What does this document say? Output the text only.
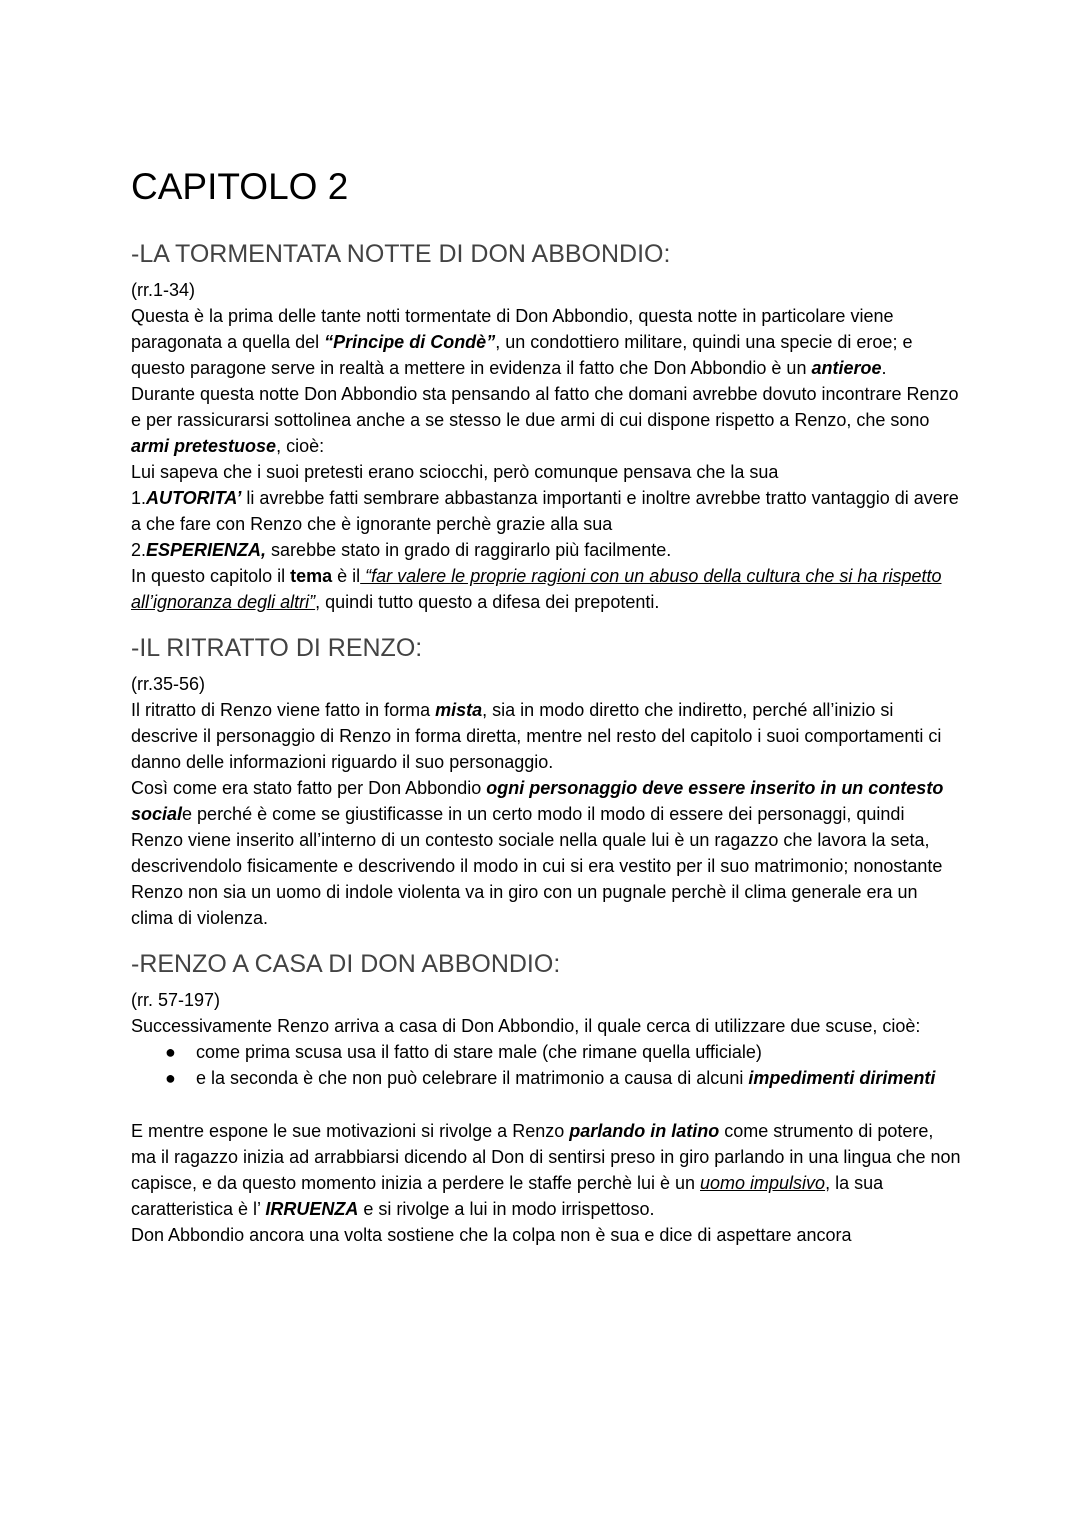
CAPITOLO 2
-LA TORMENTATA NOTTE DI DON ABBONDIO:

(rr.1-34)

Questa è la prima delle tante notti tormentate di Don Abbondio, questa notte in particolare viene paragonata a quella del “Principe di Condè”, un condottiero militare, quindi una specie di eroe; e questo paragone serve in realtà a mettere in evidenza il fatto che Don Abbondio è un antieroe.

Durante questa notte Don Abbondio sta pensando al fatto che domani avrebbe dovuto incontrare Renzo e per rassicurarsi sottolinea anche a se stesso le due armi di cui dispone rispetto a Renzo, che sono armi pretestuose, cioè:

Lui sapeva che i suoi pretesti erano sciocchi, però comunque pensava che la sua

1.AUTORITA’ li avrebbe fatti sembrare abbastanza importanti e inoltre avrebbe tratto vantaggio di avere a che fare con Renzo che è ignorante perchè grazie alla sua

2.ESPERIENZA, sarebbe stato in grado di raggirarlo più facilmente.

In questo capitolo il tema è il “far valere le proprie ragioni con un abuso della cultura che si ha rispetto all’ignoranza degli altri”, quindi tutto questo a difesa dei prepotenti.

-IL RITRATTO DI RENZO:

(rr.35-56)

Il ritratto di Renzo viene fatto in forma mista, sia in modo diretto che indiretto, perché all’inizio si descrive il personaggio di Renzo in forma diretta, mentre nel resto del capitolo i suoi comportamenti ci danno delle informazioni riguardo il suo personaggio.

Così come era stato fatto per Don Abbondio ogni personaggio deve essere inserito in un contesto sociale perché è come se giustificasse in un certo modo il modo di essere dei personaggi, quindi Renzo viene inserito all’interno di un contesto sociale nella quale lui è un ragazzo che lavora la seta, descrivendolo fisicamente e descrivendo il modo in cui si era vestito per il suo matrimonio; nonostante Renzo non sia un uomo di indole violenta va in giro con un pugnale perchè il clima generale era un clima di violenza.

-RENZO A CASA DI DON ABBONDIO:

(rr. 57-197)

Successivamente Renzo arriva a casa di Don Abbondio, il quale cerca di utilizzare due scuse, cioè:

● come prima scusa usa il fatto di stare male (che rimane quella ufficiale)
● e la seconda è che non può celebrare il matrimonio a causa di alcuni impedimenti dirimenti

E mentre espone le sue motivazioni si rivolge a Renzo parlando in latino come strumento di potere, ma il ragazzo inizia ad arrabbiarsi dicendo al Don di sentirsi preso in giro parlando in una lingua che non capisce, e da questo momento inizia a perdere le staffe perchè lui è un uomo impulsivo, la sua caratteristica è l’ IRRUENZA e si rivolge a lui in modo irrispettoso.

Don Abbondio ancora una volta sostiene che la colpa non è sua e dice di aspettare ancora
